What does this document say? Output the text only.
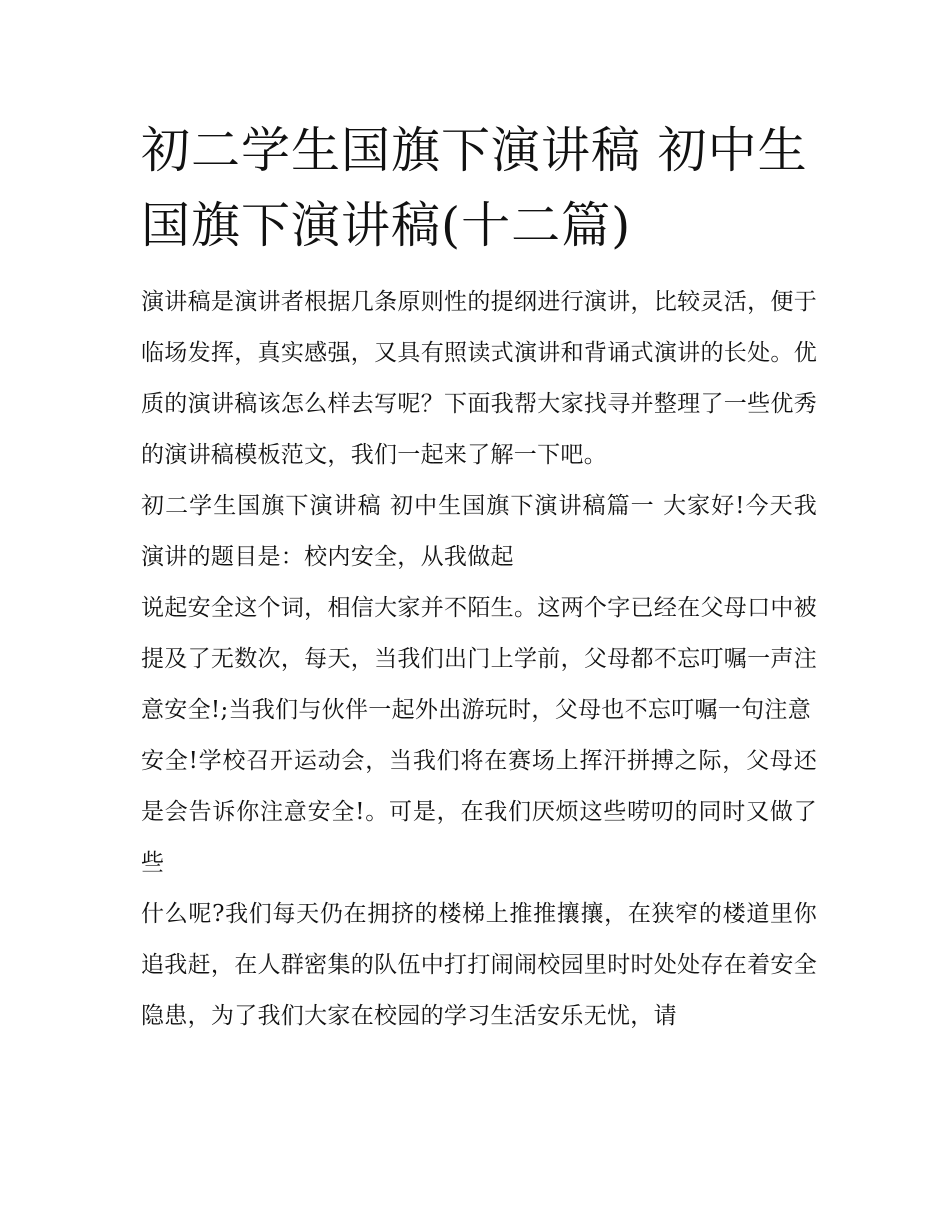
初二学生国旗下演讲稿 初中生国旗下演讲稿(十二篇)

演讲稿是演讲者根据几条原则性的提纲进行演讲，比较灵活，便于临场发挥，真实感强，又具有照读式演讲和背诵式演讲的长处。优质的演讲稿该怎么样去写呢？下面我帮大家找寻并整理了一些优秀的演讲稿模板范文，我们一起来了解一下吧。

初二学生国旗下演讲稿 初中生国旗下演讲稿篇一 大家好!今天我演讲的题目是：校内安全，从我做起

说起安全这个词，相信大家并不陌生。这两个字已经在父母口中被提及了无数次，每天，当我们出门上学前，父母都不忘叮嘱一声注意安全!;当我们与伙伴一起外出游玩时，父母也不忘叮嘱一句注意

安全!学校召开运动会，当我们将在赛场上挥汗拼搏之际，父母还是会告诉你注意安全!。可是，在我们厌烦这些唠叨的同时又做了些

什么呢?我们每天仍在拥挤的楼梯上推推攘攘，在狭窄的楼道里你追我赶，在人群密集的队伍中打打闹闹校园里时时处处存在着安全隐患，为了我们大家在校园的学习生活安乐无忧，请
